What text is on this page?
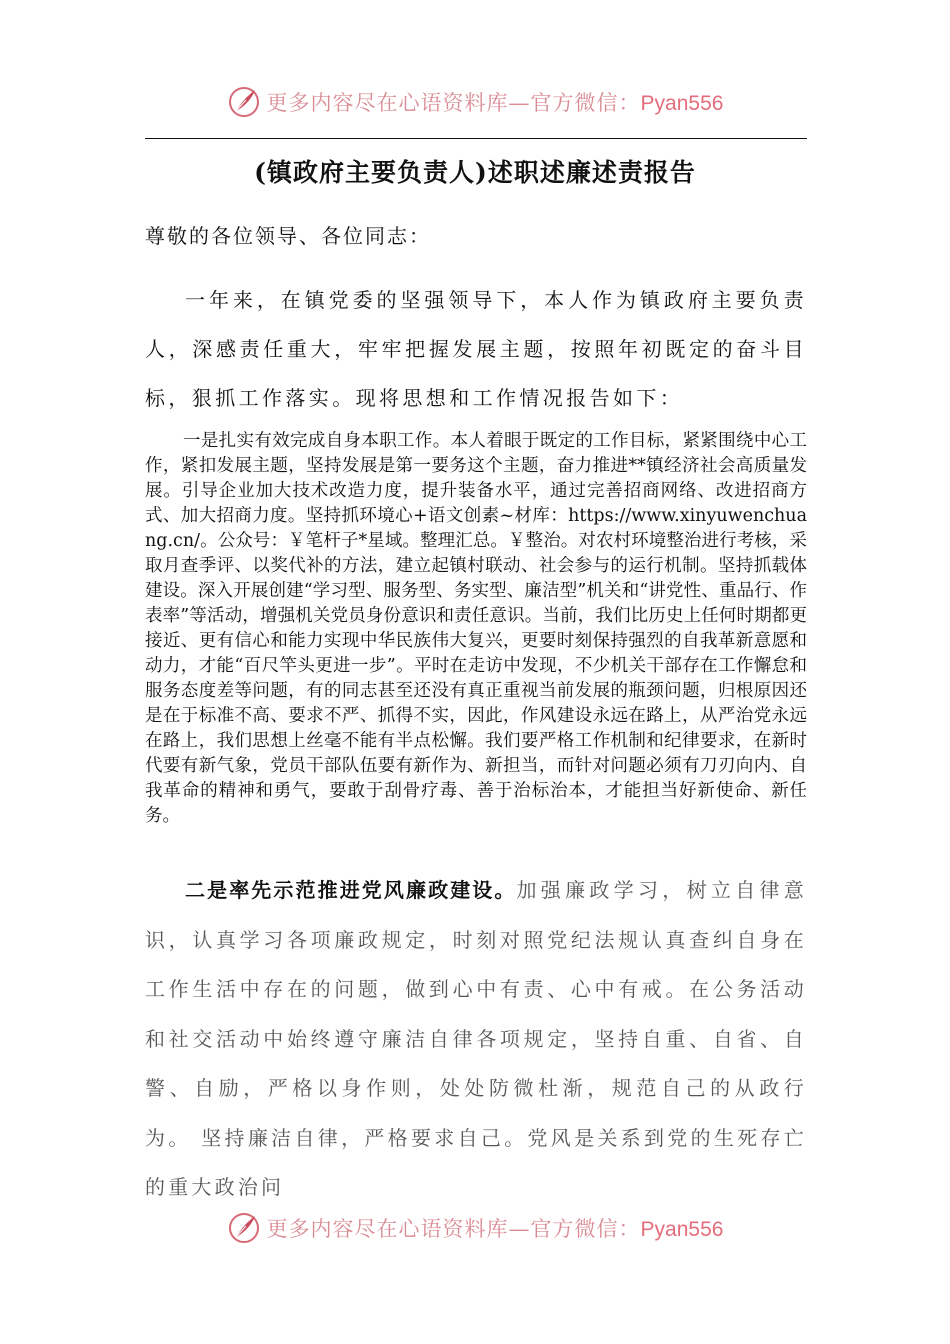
更多内容尽在心语资料库—官方微信：Pyan556
(镇政府主要负责人)述职述廉述责报告

尊敬的各位领导、各位同志：

一年来，在镇党委的坚强领导下，本人作为镇政府主要负责人，深感责任重大，牢牢把握发展主题，按照年初既定的奋斗目标，狠抓工作落实。现将思想和工作情况报告如下：

一是扎实有效完成自身本职工作。本人着眼于既定的工作目标，紧紧围绕中心工作，紧扣发展主题，坚持发展是第一要务这个主题，奋力推进**镇经济社会高质量发展。引导企业加大技术改造力度，提升装备水平，通过完善招商网络、改进招商方式、加大招商力度。坚持抓环境心+语文创素~材库：https://www.xinyuwenchuang.cn/。公众号：￥笔杆子*星域。整理汇总。￥整治。对农村环境整治进行考核，采取月查季评、以奖代补的方法，建立起镇村联动、社会参与的运行机制。坚持抓载体建设。深入开展创建“学习型、服务型、务实型、廉洁型”机关和“讲党性、重品行、作表率”等活动，增强机关党员身份意识和责任意识。当前，我们比历史上任何时期都更接近、更有信心和能力实现中华民族伟大复兴，更要时刻保持强烈的自我革新意愿和动力，才能“百尺竿头更进一步”。平时在走访中发现，不少机关干部存在工作懈怠和服务态度差等问题，有的同志甚至还没有真正重视当前发展的瓶颈问题，归根原因还是在于标准不高、要求不严、抓得不实，因此，作风建设永远在路上，从严治党永远在路上，我们思想上丝毫不能有半点松懈。我们要严格工作机制和纪律要求，在新时代要有新气象，党员干部队伍要有新作为、新担当，而针对问题必须有刀刃向内、自我革命的精神和勇气，要敢于刮骨疗毒、善于治标治本，才能担当好新使命、新任务。

二是率先示范推进党风廉政建设。加强廉政学习，树立自律意识，认真学习各项廉政规定，时刻对照党纪法规认真查纠自身在工作生活中存在的问题，做到心中有责、心中有戒。在公务活动和社交活动中始终遵守廉洁自律各项规定，坚持自重、自省、自警、自励，严格以身作则，处处防微杜渐，规范自己的从政行为。 坚持廉洁自律，严格要求自己。党风是关系到党的生死存亡的重大政治问

更多内容尽在心语资料库—官方微信：Pyan556
